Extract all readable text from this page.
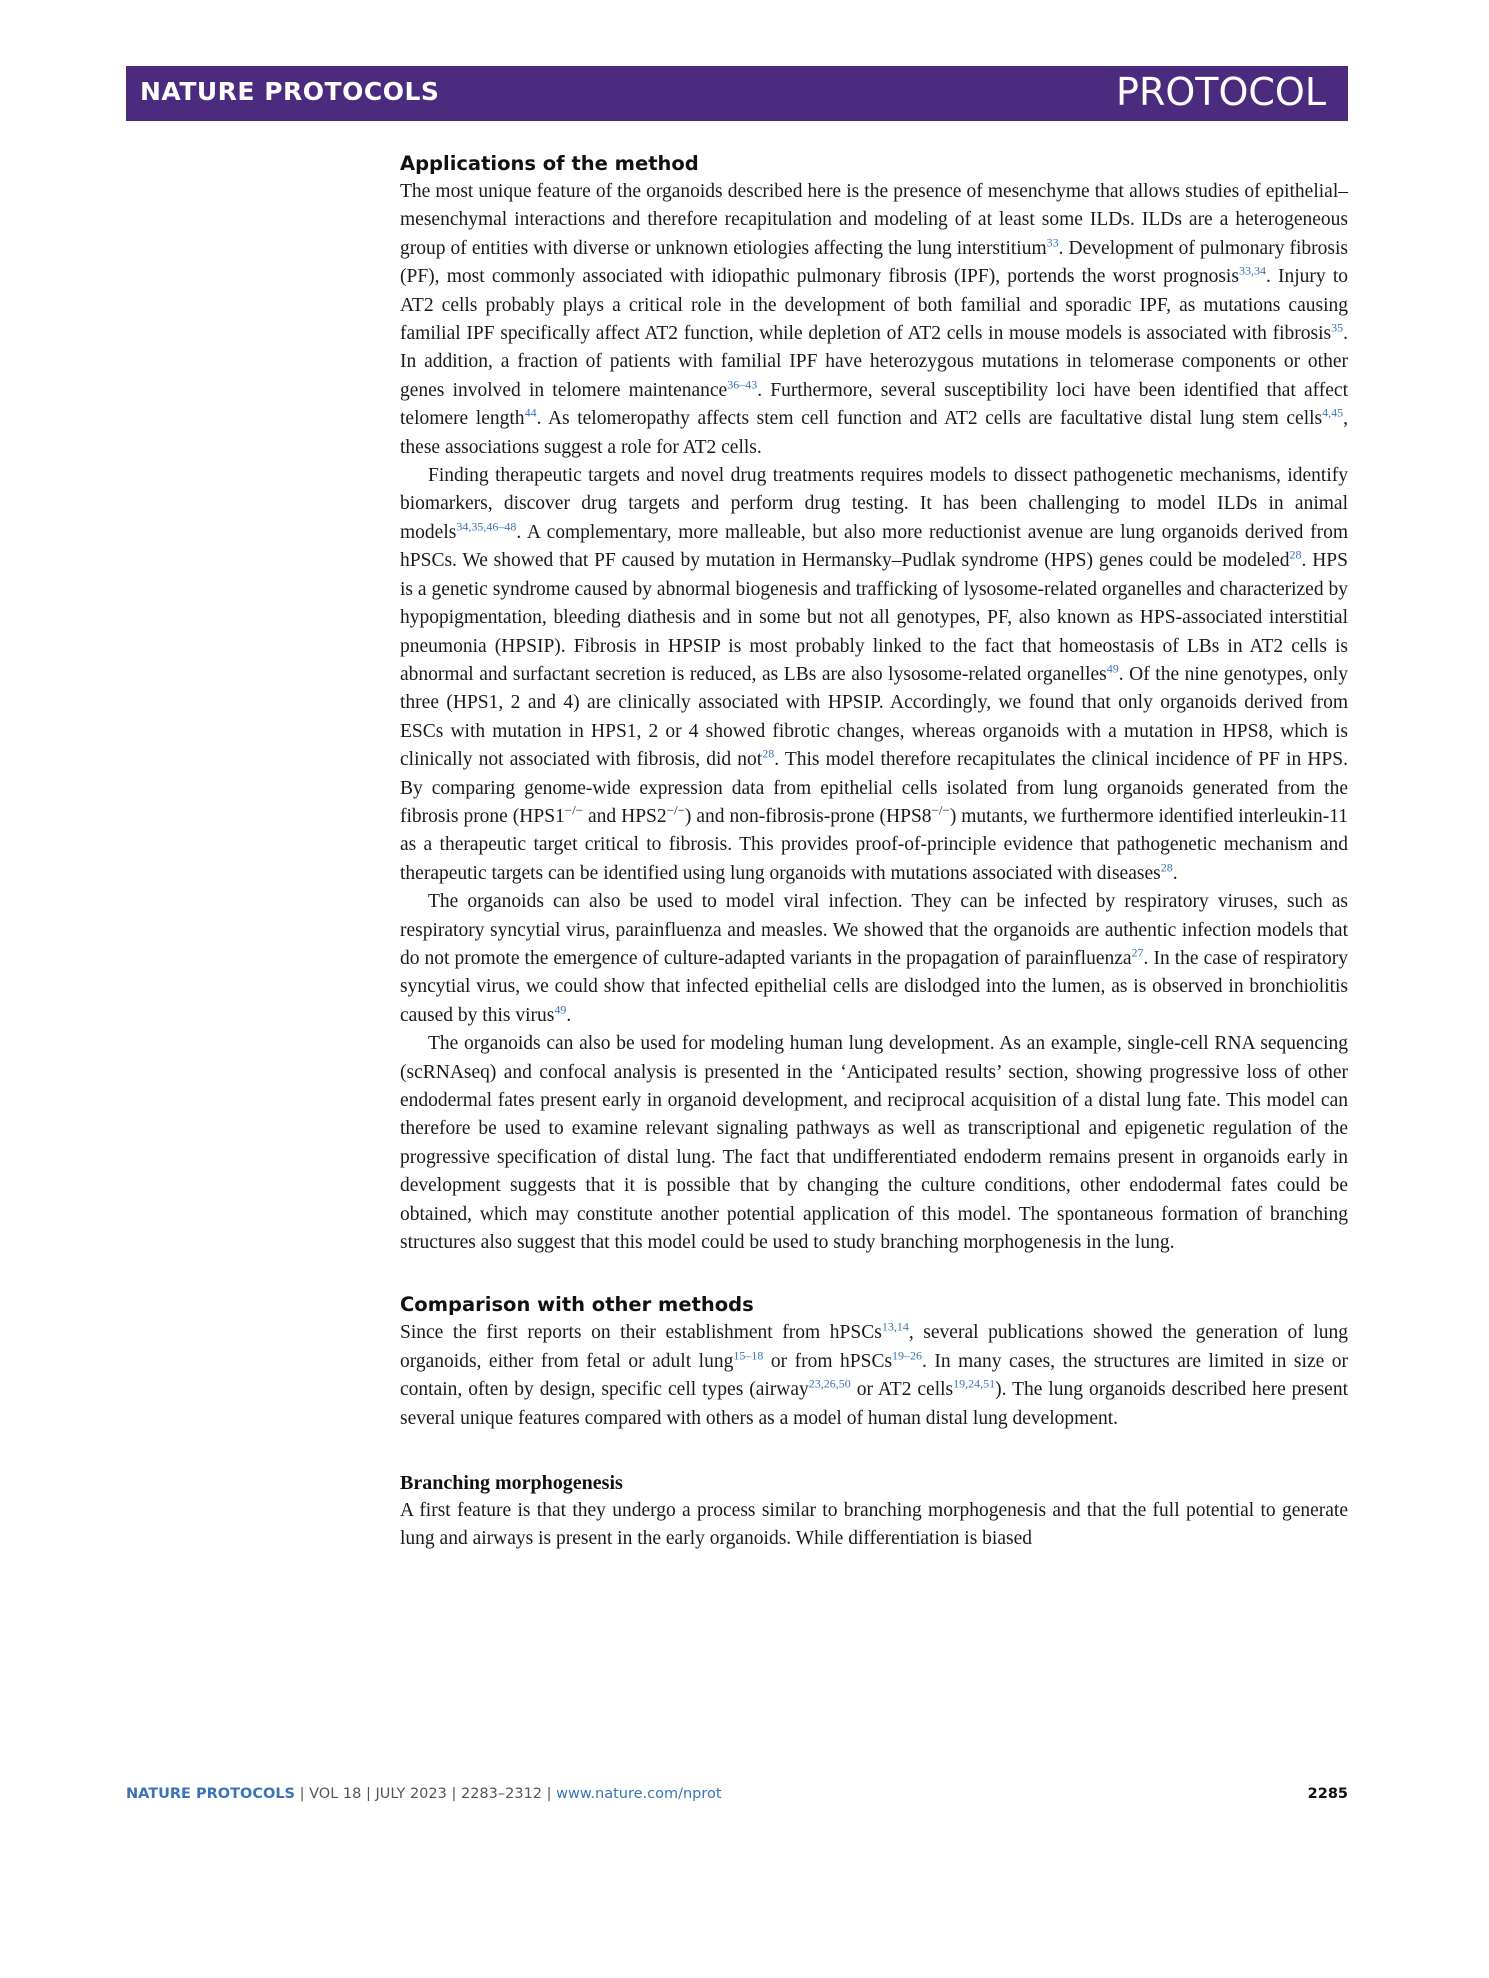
NATURE PROTOCOLS	PROTOCOL
Applications of the method

The most unique feature of the organoids described here is the presence of mesenchyme that allows studies of epithelial–mesenchymal interactions and therefore recapitulation and modeling of at least some ILDs. ILDs are a heterogeneous group of entities with diverse or unknown etiologies affecting the lung interstitium$^{33}$. Development of pulmonary fibrosis (PF), most commonly associated with idiopathic pulmonary fibrosis (IPF), portends the worst prognosis$^{33,34}$. Injury to AT2 cells probably plays a critical role in the development of both familial and sporadic IPF, as mutations causing familial IPF specifically affect AT2 function, while depletion of AT2 cells in mouse models is associated with fibrosis$^{35}$. In addition, a fraction of patients with familial IPF have heterozygous mutations in telomerase components or other genes involved in telomere maintenance$^{36-43}$. Furthermore, several susceptibility loci have been identified that affect telomere length$^{44}$. As telomeropathy affects stem cell function and AT2 cells are facultative distal lung stem cells$^{4,45}$, these associations suggest a role for AT2 cells.

Finding therapeutic targets and novel drug treatments requires models to dissect pathogenetic mechanisms, identify biomarkers, discover drug targets and perform drug testing. It has been challenging to model ILDs in animal models$^{34,35,46-48}$. A complementary, more malleable, but also more reductionist avenue are lung organoids derived from hPSCs. We showed that PF caused by mutation in Hermansky–Pudlak syndrome (HPS) genes could be modeled$^{28}$. HPS is a genetic syndrome caused by abnormal biogenesis and trafficking of lysosome-related organelles and characterized by hypopigmentation, bleeding diathesis and in some but not all genotypes, PF, also known as HPS-associated interstitial pneumonia (HPSIP). Fibrosis in HPSIP is most probably linked to the fact that homeostasis of LBs in AT2 cells is abnormal and surfactant secretion is reduced, as LBs are also lysosome-related organelles$^{49}$. Of the nine genotypes, only three (HPS1, 2 and 4) are clinically associated with HPSIP. Accordingly, we found that only organoids derived from ESCs with mutation in HPS1, 2 or 4 showed fibrotic changes, whereas organoids with a mutation in HPS8, which is clinically not associated with fibrosis, did not$^{28}$. This model therefore recapitulates the clinical incidence of PF in HPS. By comparing genome-wide expression data from epithelial cells isolated from lung organoids generated from the fibrosis prone (HPS1−/− and HPS2−/−) and non-fibrosis-prone (HPS8−/−) mutants, we furthermore identified interleukin-11 as a therapeutic target critical to fibrosis. This provides proof-of-principle evidence that pathogenetic mechanism and therapeutic targets can be identified using lung organoids with mutations associated with diseases$^{28}$.

The organoids can also be used to model viral infection. They can be infected by respiratory viruses, such as respiratory syncytial virus, parainfluenza and measles. We showed that the organoids are authentic infection models that do not promote the emergence of culture-adapted variants in the propagation of parainfluenza$^{27}$. In the case of respiratory syncytial virus, we could show that infected epithelial cells are dislodged into the lumen, as is observed in bronchiolitis caused by this virus$^{49}$.

The organoids can also be used for modeling human lung development. As an example, single-cell RNA sequencing (scRNAseq) and confocal analysis is presented in the ‘Anticipated results’ section, showing progressive loss of other endodermal fates present early in organoid development, and reciprocal acquisition of a distal lung fate. This model can therefore be used to examine relevant signaling pathways as well as transcriptional and epigenetic regulation of the progressive specification of distal lung. The fact that undifferentiated endoderm remains present in organoids early in development suggests that it is possible that by changing the culture conditions, other endodermal fates could be obtained, which may constitute another potential application of this model. The spontaneous formation of branching structures also suggest that this model could be used to study branching morphogenesis in the lung.

Comparison with other methods

Since the first reports on their establishment from hPSCs$^{13,14}$, several publications showed the generation of lung organoids, either from fetal or adult lung$^{15-18}$ or from hPSCs$^{19-26}$. In many cases, the structures are limited in size or contain, often by design, specific cell types (airway$^{23,26,50}$ or AT2 cells$^{19,24,51}$). The lung organoids described here present several unique features compared with others as a model of human distal lung development.

Branching morphogenesis

A first feature is that they undergo a process similar to branching morphogenesis and that the full potential to generate lung and airways is present in the early organoids. While differentiation is biased

NATURE PROTOCOLS | VOL 18 | JULY 2023 | 2283–2312 | www.nature.com/nprot	2285
